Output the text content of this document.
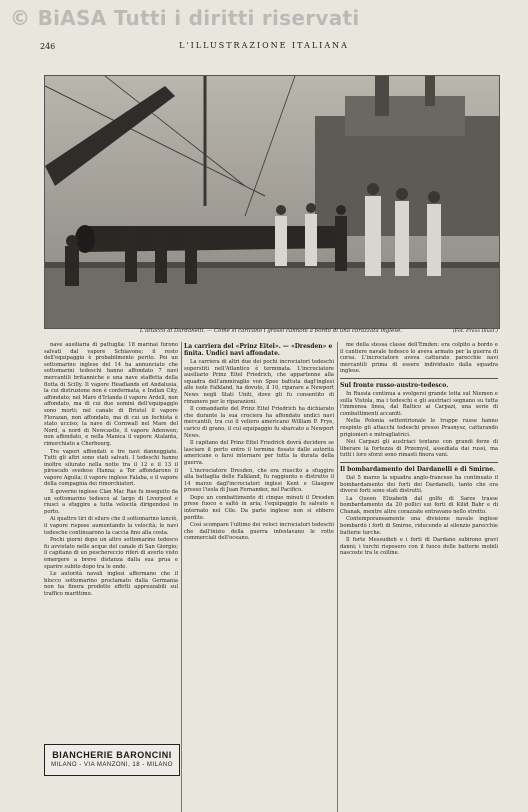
© BiASA Tutti i diritti riservati
246	L'ILLUSTRAZIONE ITALIANA
L'attacco ai Dardanelli. — Come si caricano i grossi cannoni a bordo di una corazzata inglese.	(Fot. Press Illust.)

nave ausiliaria di pattuglia: 18 marinai furono salvati dal vapore Schiavone; il resto dell'equipaggio è probabilmente perito. Poi un sottomarino inglese del 14 ha annunciato che sottomarini tedeschi hanno affondato 7 navi mercantili britanniche e una nave staffetta della flotta di Scilly. Il vapore Headlands ed Andalusia, la cui distruzione non è confermata, e Indian City, affondato; nel Mare d'Irlanda il vapore Ardell, non affondato, ma di cui due uomini dell'equipaggio sono morti; nel canale di Bristol il vapore Florazan, non affondato, ma di cui un fochista è stato ucciso; la nave di Cornwall nel Mare del Nord, a nord di Newcastle, il vapore Adenwen; non affondato, e nella Manica il vapore Atalanta, rimorchiato a Cherbourg.

Tre vapori affondati e tre navi danneggiate. Tutti gli altri sono stati salvati. I tedeschi hanno inoltre silurato nella notte tra il 12 e il 13 il piroscafo svedese Hanna; a Tor affondarono il vapore Aguila; il vapore inglese Falaba, e il vapore della compagnia dei rimorchiatori.

Il governo inglese Clan Mac Rae fu inseguito da un sottomarino tedesco al largo di Liverpool e riuscì a sfuggire a tutta velocità dirigendosi in porto.

Ai quattro tiri di siluro che il sottomarino lanciò, il vapore rispose aumentando la velocità; le navi tedesche continuarono la caccia fino alla costa.

Pochi giorni dopo un altro sottomarino tedesco fu avvistato nelle acque del canale di San Giorgio; il capitano di un peschereccio riferì di averlo visto emergere a breve distanza dalla sua prua e sparire subito dopo tra le onde.

Le autorità navali inglesi affermano che il blocco sottomarino proclamato dalla Germania non ha finora prodotto effetti apprezzabili sul traffico marittimo.

BIANCHERIE BARONCINI
MILANO - VIA MANZONI, 18 - MILANO
La carriera del «Prinz Eitel». — «Dresden» e finita. Undici navi affondate.

La carriera di altri due dei pochi incrociatori tedeschi superstiti nell'Atlantico è terminata. L'incrociatore ausiliario Prinz Eitel Friedrich, che appartenne alla squadra dell'ammiraglio von Spee battuta dagl'inglesi alle isole Falkland, ha dovuto, il 10, riparare a Newport News negli Stati Uniti, dove gli fu consentito di rimanere per le riparazioni.

Il comandante del Prinz Eitel Friedrich ha dichiarato che durante la sua crociera ha affondato undici navi mercantili, tra cui il veliero americano William P. Frye, carico di grano, il cui equipaggio fu sbarcato a Newport News.

Il capitano del Prinz Eitel Friedrich dovrà decidere se lasciare il porto entro il termine fissato dalle autorità americane o farsi internare per tutta la durata della guerra.

L'incrociatore Dresden, che era riuscito a sfuggire alla battaglia delle Falkland, fu raggiunto e distrutto il 14 marzo dagl'incrociatori inglesi Kent e Glasgow presso l'isola di Juan Fernandez, nel Pacifico.

Dopo un combattimento di cinque minuti il Dresden prese fuoco e saltò in aria; l'equipaggio fu salvato e internato nel Cile. Da parte inglese non si ebbero perdite.

Così scompare l'ultimo dei veloci incrociatori tedeschi che dall'inizio della guerra infestavano le rotte commerciali dell'oceano.

me della stessa classe dell'Emden: era colpito a bordo e il cantiere navale tedesco lo aveva armato per la guerra di corsa. L'incrociatore aveva catturato parecchie navi mercantili prima di essere individuato dalla squadra inglese.

Sul fronte russo-austro-tedesco.

In Russia continua a svolgersi grande lotta sul Niemen e sulla Vistola, ma i tedeschi e gli austriaci segnano su tutta l'immensa linea, dal Baltico ai Carpazi, una serie di combattimenti accaniti.

Nella Polonia settentrionale le truppe russe hanno respinto gli attacchi tedeschi presso Prasnysz, catturando prigionieri e mitragliatrici.

Nei Carpazi gli austriaci tentano con grandi forze di liberare la fortezza di Przemysl, assediata dai russi, ma tutti i loro sforzi sono rimasti finora vani.

Il bombardamento dei Dardanelli e di Smirne.

Dal 5 marzo la squadra anglo-francese ha continuato il bombardamento dei forti dei Dardanelli, tanto che ora diversi forti sono stati distrutti.

La Queen Elizabeth dal golfo di Saros trasse bombardamento da 20 pollici sui forti di Kilid Bahr e di Chanak, mentre altre corazzate entravano nello stretto.

Contemporaneamente una divisione navale inglese bombardò i forti di Smirne, riducendo al silenzio parecchie batterie turche.

Il forte Messudieh e i forti di Dardano subirono gravi danni; i turchi risposero con il fuoco delle batterie mobili nascoste tra le colline.
